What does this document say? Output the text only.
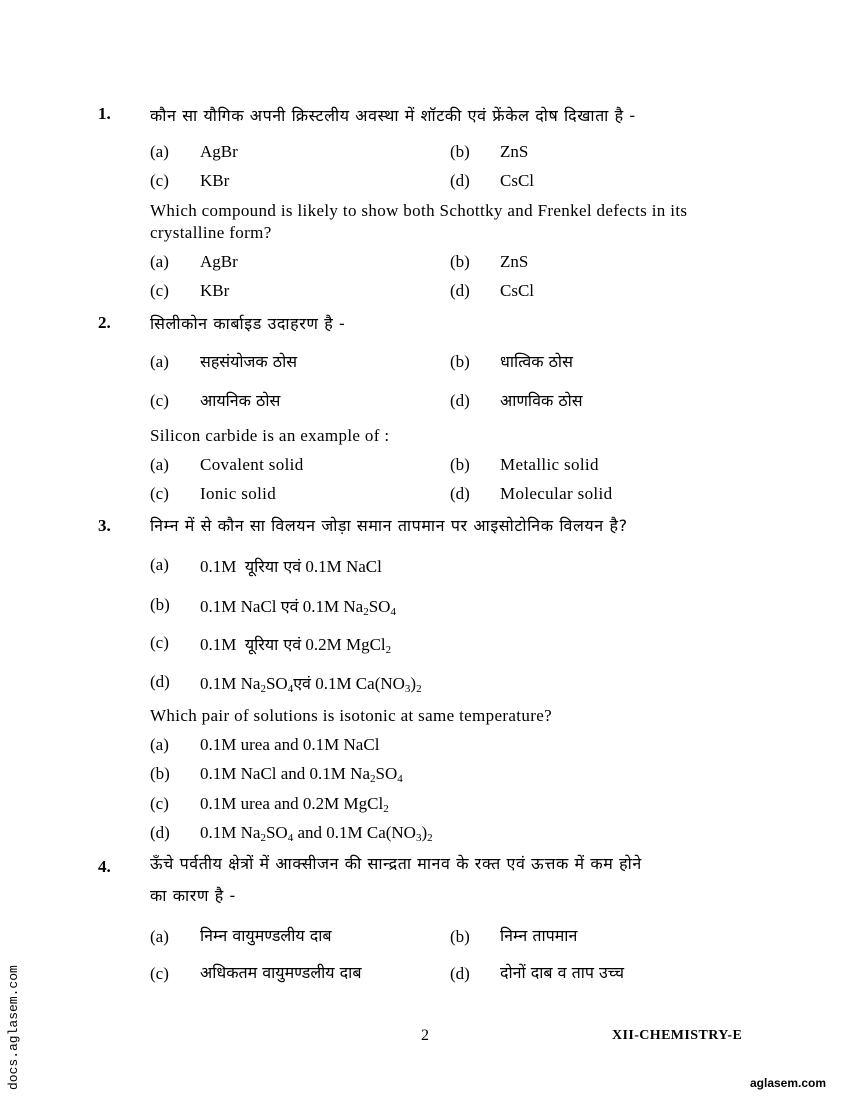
1. कौन सा यौगिक अपनी क्रिस्टलीय अवस्था में शॉटकी एवं फ्रेंकेल दोष दिखाता है -
(a) AgBr	(b) ZnS
(c) KBr	(d) CsCl
Which compound is likely to show both Schottky and Frenkel defects in its crystalline form?
(a) AgBr	(b) ZnS
(c) KBr	(d) CsCl
2. सिलीकोन कार्बाइड उदाहरण है -
(a) सहसंयोजक ठोस	(b) धात्विक ठोस
(c) आयनिक ठोस	(d) आणविक ठोस
Silicon carbide is an example of :
(a) Covalent solid	(b) Metallic solid
(c) Ionic solid	(d) Molecular solid
3. निम्न में से कौन सा विलयन जोड़ा समान तापमान पर आइसोटोनिक विलयन है?
(a) 0.1M यूरिया एवं 0.1M NaCl
(b) 0.1M NaCl एवं 0.1M $Na_2SO_4$
(c) 0.1M यूरिया एवं 0.2M MgCl$_2$
(d) 0.1M $Na_2SO_4एवं$ 0.1M $Ca(NO_3)_2$
Which pair of solutions is isotonic at same temperature?
(a) 0.1M urea and 0.1M NaCl
(b) 0.1M NaCl and 0.1M $Na_2SO_4$
(c) 0.1M urea and 0.2M MgCl$_2$
(d) 0.1M $Na_2SO_4$ and 0.1M $Ca(NO_3)_2$
4. ऊँचे पर्वतीय क्षेत्रों में आक्सीजन की सान्द्रता मानव के रक्त एवं ऊत्तक में कम होने
का कारण है -
(a) निम्न वायुमण्डलीय दाब	(b) निम्न तापमान
(c) अधिकतम वायुमण्डलीय दाब	(d) दोनों दाब व ताप उच्च
2	XII-CHEMISTRY-E
aglasem.com
docs.aglasem.com
